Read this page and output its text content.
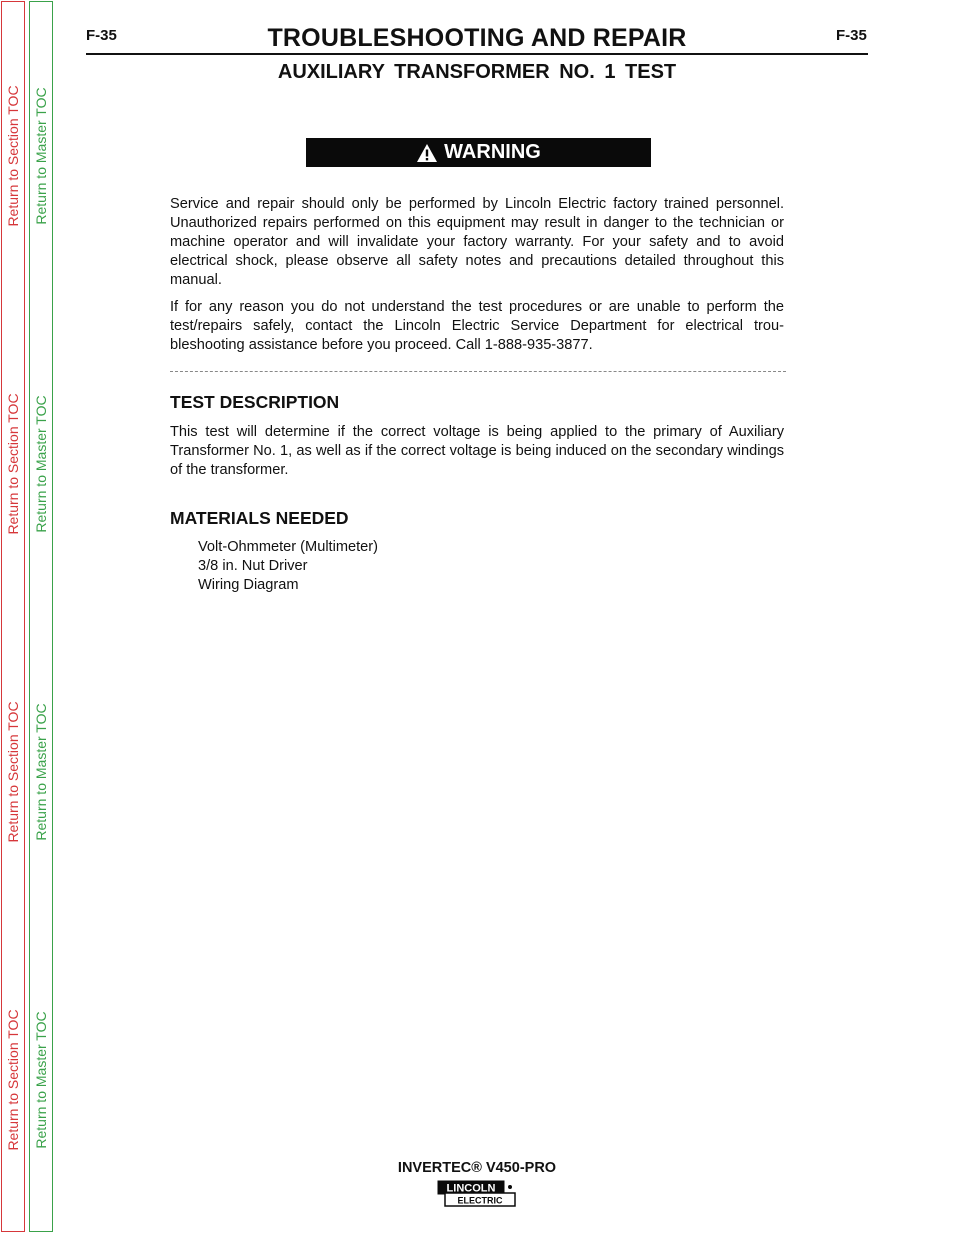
Return to Section TOC
Return to Section TOC
Return to Section TOC
Return to Section TOC
Return to Master TOC
Return to Master TOC
Return to Master TOC
Return to Master TOC
F-35	F-35
TROUBLESHOOTING AND REPAIR
AUXILIARY TRANSFORMER NO. 1 TEST
WARNING

Service and repair should only be performed by Lincoln Electric factory trained personnel. Unauthorized repairs performed on this equipment may result in danger to the technician or machine operator and will invalidate your factory warranty. For your safety and to avoid electrical shock, please observe all safety notes and precautions detailed throughout this manual.

If for any reason you do not understand the test procedures or are unable to perform the test/repairs safely, contact the Lincoln Electric Service Department for electrical trou-bleshooting assistance before you proceed. Call 1-888-935-3877.

TEST DESCRIPTION

This test will determine if the correct voltage is being applied to the primary of Auxiliary Transformer No. 1, as well as if the correct voltage is being induced on the secondary windings of the transformer.

MATERIALS NEEDED
Volt-Ohmmeter (Multimeter)
3/8 in. Nut Driver
Wiring Diagram
INVERTEC® V450-PRO
LINCOLN
ELECTRIC
